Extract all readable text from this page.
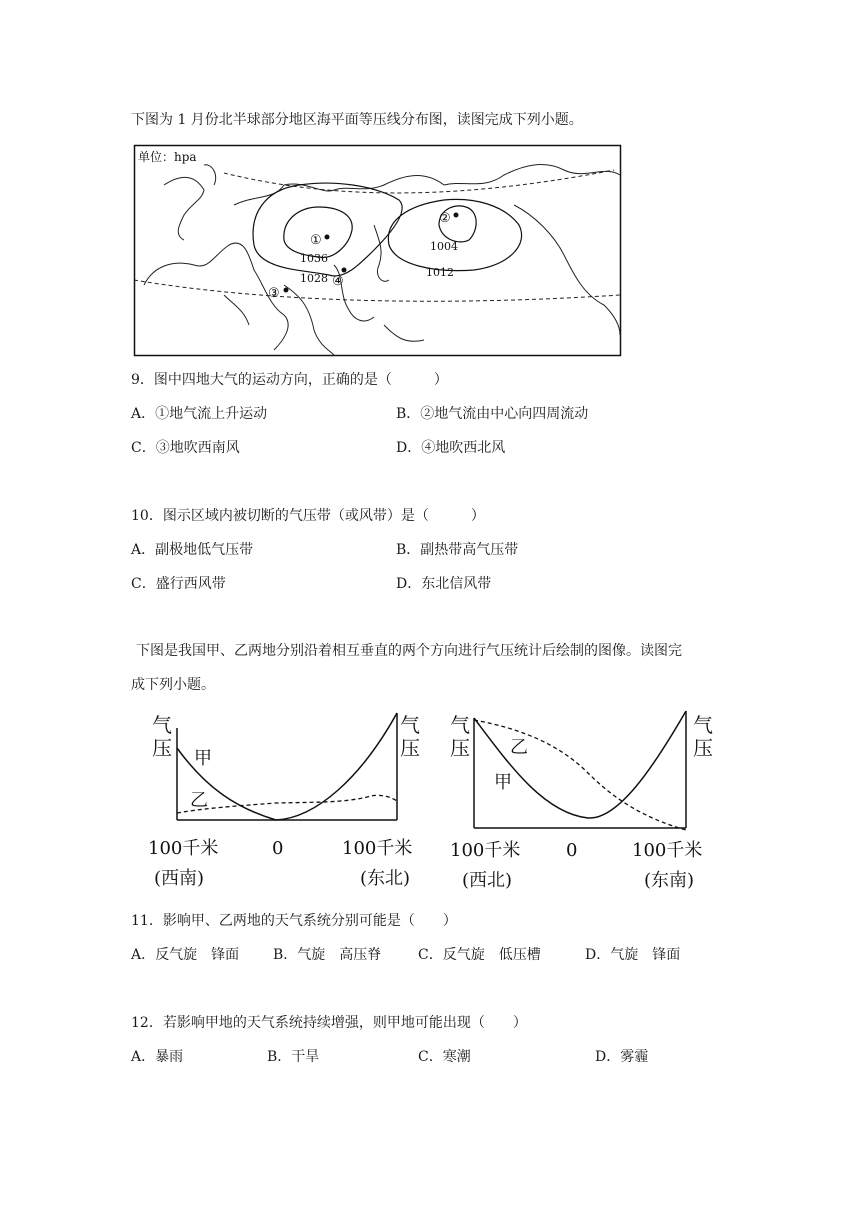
下图为 1 月份北半球部分地区海平面等压线分布图，读图完成下列小题。
单位：hpa
①
②
③
④
1036
1028
1004
1012
9．图中四地大气的运动方向，正确的是（　　　）
A．①地气流上升运动	B．②地气流由中心向四周流动
C．③地吹西南风	D．④地吹西北风
10．图示区域内被切断的气压带（或风带）是（　　　）
A．副极地低气压带	B．副热带高气压带
C．盛行西风带	D．东北信风带
下图是我国甲、乙两地分别沿着相互垂直的两个方向进行气压统计后绘制的图像。读图完
成下列小题。
气
压
气
压
甲
乙
100千米	0	100千米
(西南)	(东北)
气
压
气
压
乙
甲
100千米	0	100千米
(西北)	(东南)
11．影响甲、乙两地的天气系统分别可能是（　　）
A．反气旋　锋面 B．气旋　高压脊	C．反气旋　低压槽	D．气旋　锋面
12．若影响甲地的天气系统持续增强，则甲地可能出现（　　）
A．暴雨	B．干旱	C．寒潮	D．雾霾
